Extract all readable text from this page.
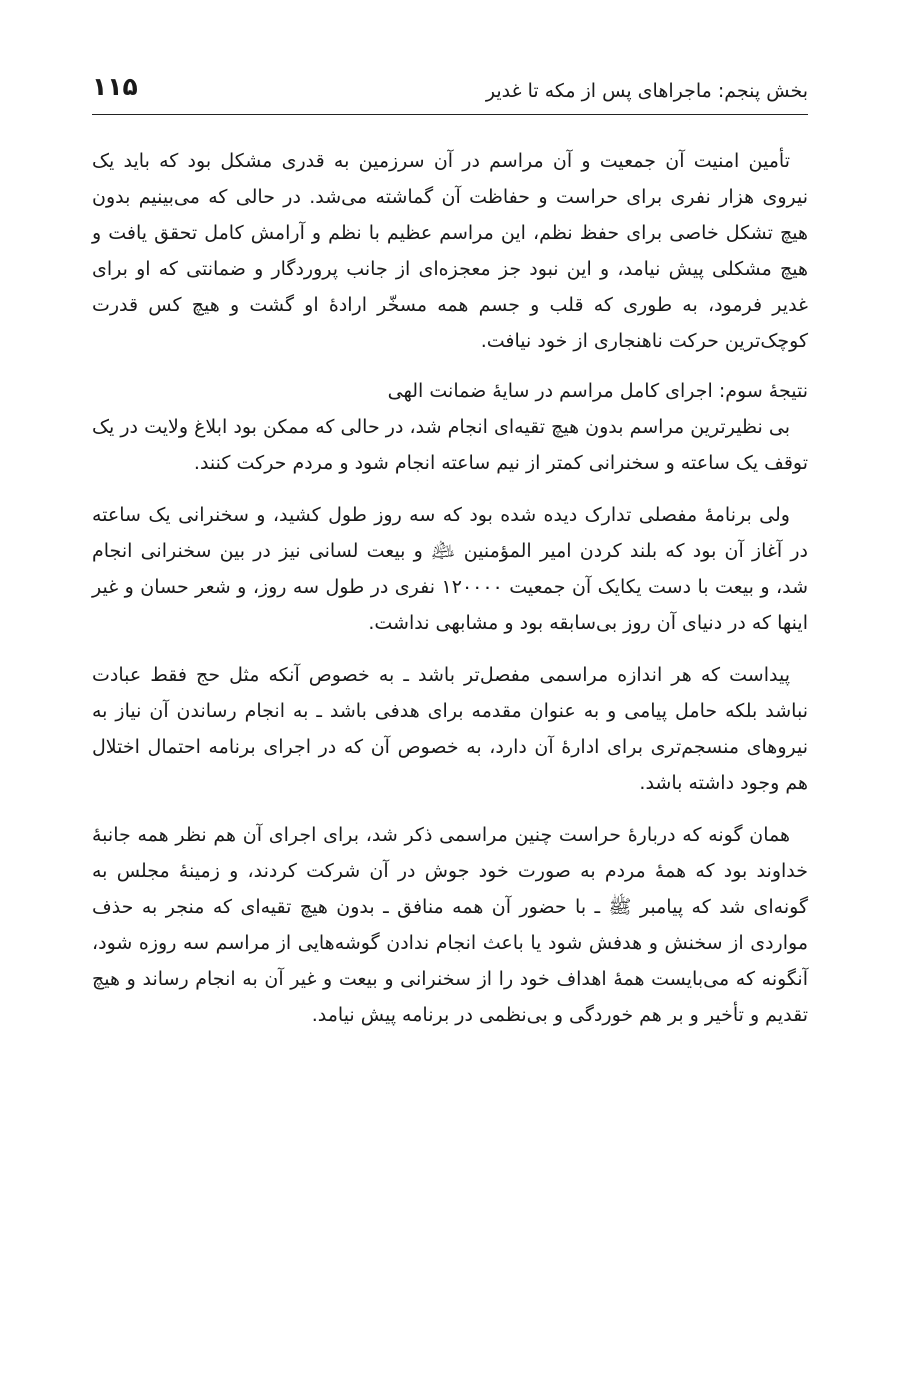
بخش پنجم: ماجراهای پس از مکه تا غدیر
۱۱۵

تأمین امنیت آن جمعیت و آن مراسم در آن سرزمین به قدری مشکل بود که باید یک نیروی هزار نفری برای حراست و حفاظت آن گماشته می‌شد. در حالی که می‌بینیم بدون هیچ تشکل خاصی برای حفظ نظم، این مراسم عظیم با نظم و آرامش کامل تحقق یافت و هیچ مشکلی پیش نیامد، و این نبود جز معجزه‌ای از جانب پروردگار و ضمانتی که او برای غدیر فرمود، به طوری که قلب و جسم همه مسخّر ارادهٔ او گشت و هیچ کس قدرت کوچک‌ترین حرکت ناهنجاری از خود نیافت.

نتیجهٔ سوم: اجرای کامل مراسم در سایهٔ ضمانت الهی

بی نظیرترین مراسم بدون هیچ تقیه‌ای انجام شد، در حالی که ممکن بود ابلاغ ولایت در یک توقف یک ساعته و سخنرانی کمتر از نیم ساعته انجام شود و مردم حرکت کنند.

ولی برنامهٔ مفصلی تدارک دیده شده بود که سه روز طول کشید، و سخنرانی یک ساعته در آغاز آن بود که بلند کردن امیر المؤمنین ﵇ و بیعت لسانی نیز در بین سخنرانی انجام شد، و بیعت با دست یکایک آن جمعیت ۱۲۰۰۰۰ نفری در طول سه روز، و شعر حسان و غیر اینها که در دنیای آن روز بی‌سابقه بود و مشابهی نداشت.

پیداست که هر اندازه مراسمی مفصل‌تر باشد ـ به خصوص آنکه مثل حج فقط عبادت نباشد بلکه حامل پیامی و به عنوان مقدمه برای هدفی باشد ـ به انجام رساندن آن نیاز به نیروهای منسجم‌تری برای ادارهٔ آن دارد، به خصوص آن که در اجرای برنامه احتمال اختلال هم وجود داشته باشد.

همان گونه که دربارهٔ حراست چنین مراسمی ذکر شد، برای اجرای آن هم نظر همه جانبهٔ خداوند بود که همهٔ مردم به صورت خود جوش در آن شرکت کردند، و زمینهٔ مجلس به گونه‌ای شد که پیامبر ﷺ ـ با حضور آن همه منافق ـ بدون هیچ تقیه‌ای که منجر به حذف مواردی از سخنش و هدفش شود یا باعث انجام ندادن گوشه‌هایی از مراسم سه روزه شود، آنگونه که می‌بایست همهٔ اهداف خود را از سخنرانی و بیعت و غیر آن به انجام رساند و هیچ تقدیم و تأخیر و بر هم خوردگی و بی‌نظمی در برنامه پیش نیامد.
